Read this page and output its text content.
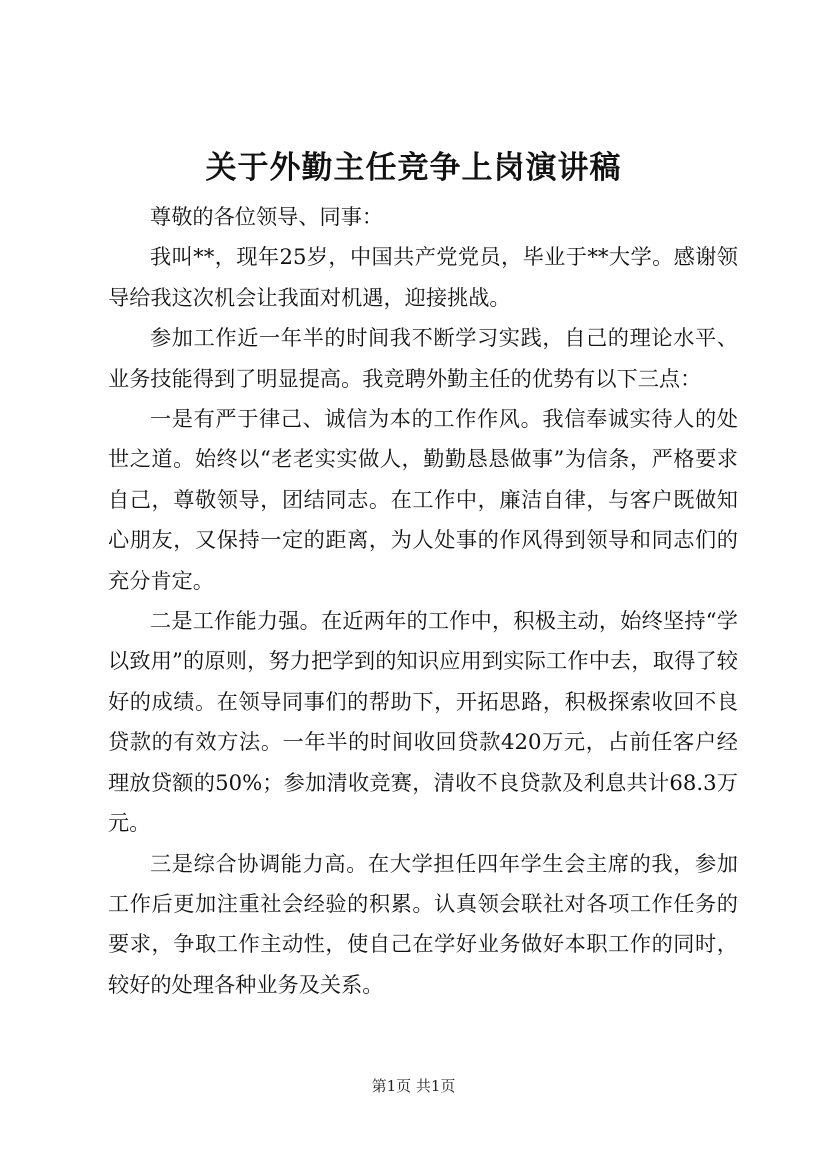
关于外勤主任竞争上岗演讲稿

尊敬的各位领导、同事：

我叫**，现年25岁，中国共产党党员，毕业于**大学。感谢领导给我这次机会让我面对机遇，迎接挑战。

参加工作近一年半的时间我不断学习实践，自己的理论水平、业务技能得到了明显提高。我竞聘外勤主任的优势有以下三点：

一是有严于律己、诚信为本的工作作风。我信奉诚实待人的处世之道。始终以“老老实实做人，勤勤恳恳做事”为信条，严格要求自己，尊敬领导，团结同志。在工作中，廉洁自律，与客户既做知心朋友，又保持一定的距离，为人处事的作风得到领导和同志们的充分肯定。

二是工作能力强。在近两年的工作中，积极主动，始终坚持“学以致用”的原则，努力把学到的知识应用到实际工作中去，取得了较好的成绩。在领导同事们的帮助下，开拓思路，积极探索收回不良贷款的有效方法。一年半的时间收回贷款420万元，占前任客户经理放贷额的50%；参加清收竞赛，清收不良贷款及利息共计68.3万元。

三是综合协调能力高。在大学担任四年学生会主席的我，参加工作后更加注重社会经验的积累。认真领会联社对各项工作任务的要求，争取工作主动性，使自己在学好业务做好本职工作的同时，较好的处理各种业务及关系。

第1页 共1页
